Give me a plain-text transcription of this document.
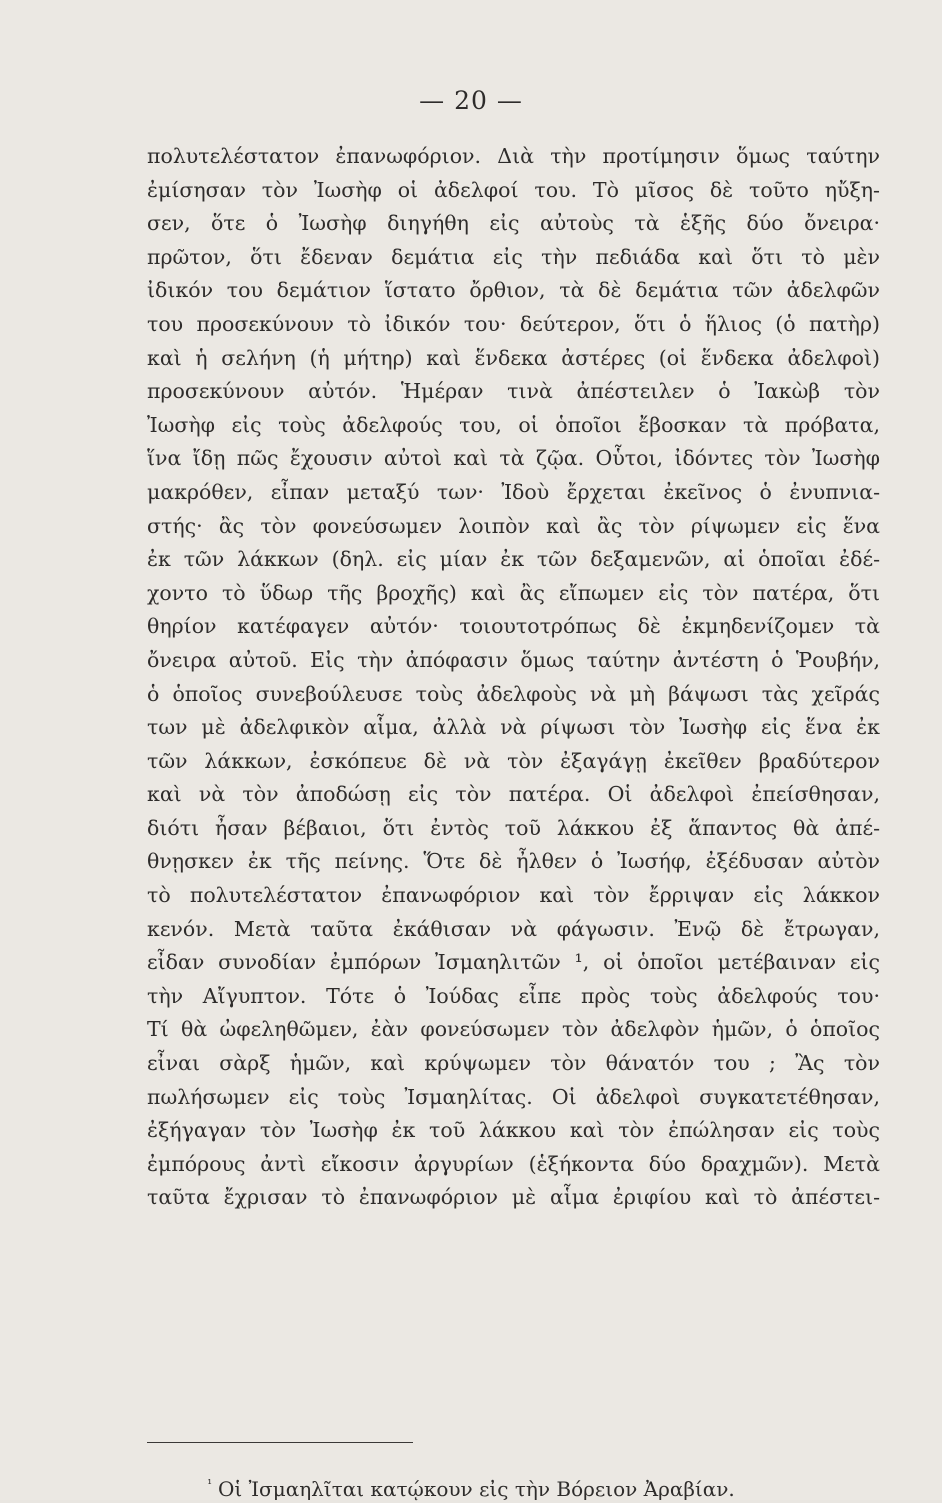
— 20 —
πολυτελέστατον ἐπανωφόριον. Διὰ τὴν προτίμησιν ὅμως ταύτην
ἐμίσησαν τὸν Ἰωσὴφ οἱ ἀδελφοί του. Τὸ μῖσος δὲ τοῦτο ηὔξη-
σεν, ὅτε ὁ Ἰωσὴφ διηγήθη εἰς αὐτοὺς τὰ ἑξῆς δύο ὄνειρα·
πρῶτον, ὅτι ἔδεναν δεμάτια εἰς τὴν πεδιάδα καὶ ὅτι τὸ μὲν
ἰδικόν του δεμάτιον ἵστατο ὄρθιον, τὰ δὲ δεμάτια τῶν ἀδελφῶν
του προσεκύνουν τὸ ἰδικόν του· δεύτερον, ὅτι ὁ ἥλιος (ὁ πατὴρ)
καὶ ἡ σελήνη (ἡ μήτηρ) καὶ ἕνδεκα ἀστέρες (οἱ ἕνδεκα ἀδελφοὶ)
προσεκύνουν αὐτόν. Ἡμέραν τινὰ ἀπέστειλεν ὁ Ἰακὼβ τὸν
Ἰωσὴφ εἰς τοὺς ἀδελφούς του, οἱ ὁποῖοι ἔβοσκαν τὰ πρόβατα,
ἵνα ἴδῃ πῶς ἔχουσιν αὐτοὶ καὶ τὰ ζῷα. Οὗτοι, ἰδόντες τὸν Ἰωσὴφ
μακρόθεν, εἶπαν μεταξύ των· Ἰδοὺ ἔρχεται ἐκεῖνος ὁ ἐνυπνια-
στής· ἂς τὸν φονεύσωμεν λοιπὸν καὶ ἂς τὸν ρίψωμεν εἰς ἕνα
ἐκ τῶν λάκκων (δηλ. εἰς μίαν ἐκ τῶν δεξαμενῶν, αἱ ὁποῖαι ἐδέ-
χοντο τὸ ὕδωρ τῆς βροχῆς) καὶ ἂς εἴπωμεν εἰς τὸν πατέρα, ὅτι
θηρίον κατέφαγεν αὐτόν· τοιουτοτρόπως δὲ ἐκμηδενίζομεν τὰ
ὄνειρα αὐτοῦ. Εἰς τὴν ἀπόφασιν ὅμως ταύτην ἀντέστη ὁ Ῥουβήν,
ὁ ὁποῖος συνεβούλευσε τοὺς ἀδελφοὺς νὰ μὴ βάψωσι τὰς χεῖράς
των μὲ ἀδελφικὸν αἷμα, ἀλλὰ νὰ ρίψωσι τὸν Ἰωσὴφ εἰς ἕνα ἐκ
τῶν λάκκων, ἐσκόπευε δὲ νὰ τὸν ἐξαγάγῃ ἐκεῖθεν βραδύτερον
καὶ νὰ τὸν ἀποδώσῃ εἰς τὸν πατέρα. Οἱ ἀδελφοὶ ἐπείσθησαν,
διότι ἦσαν βέβαιοι, ὅτι ἐντὸς τοῦ λάκκου ἐξ ἅπαντος θὰ ἀπέ-
θνῃσκεν ἐκ τῆς πείνης. Ὅτε δὲ ἦλθεν ὁ Ἰωσήφ, ἐξέδυσαν αὐτὸν
τὸ πολυτελέστατον ἐπανωφόριον καὶ τὸν ἔρριψαν εἰς λάκκον
κενόν. Μετὰ ταῦτα ἐκάθισαν νὰ φάγωσιν. Ἐνῷ δὲ ἔτρωγαν,
εἶδαν συνοδίαν ἐμπόρων Ἰσμαηλιτῶν ¹, οἱ ὁποῖοι μετέβαιναν εἰς
τὴν Αἴγυπτον. Τότε ὁ Ἰούδας εἶπε πρὸς τοὺς ἀδελφούς του·
Τί θὰ ὠφεληθῶμεν, ἐὰν φονεύσωμεν τὸν ἀδελφὸν ἡμῶν, ὁ ὁποῖος
εἶναι σὰρξ ἡμῶν, καὶ κρύψωμεν τὸν θάνατόν του ; Ἂς τὸν
πωλήσωμεν εἰς τοὺς Ἰσμαηλίτας. Οἱ ἀδελφοὶ συγκατετέθησαν,
ἐξήγαγαν τὸν Ἰωσὴφ ἐκ τοῦ λάκκου καὶ τὸν ἐπώλησαν εἰς τοὺς
ἐμπόρους ἀντὶ εἴκοσιν ἀργυρίων (ἑξήκοντα δύο δραχμῶν). Μετὰ
ταῦτα ἔχρισαν τὸ ἐπανωφόριον μὲ αἷμα ἐριφίου καὶ τὸ ἀπέστει-
$^{^1}$ Οἱ Ἰσμαηλῖται κατῴκουν εἰς τὴν Βόρειον Ἀραβίαν.
